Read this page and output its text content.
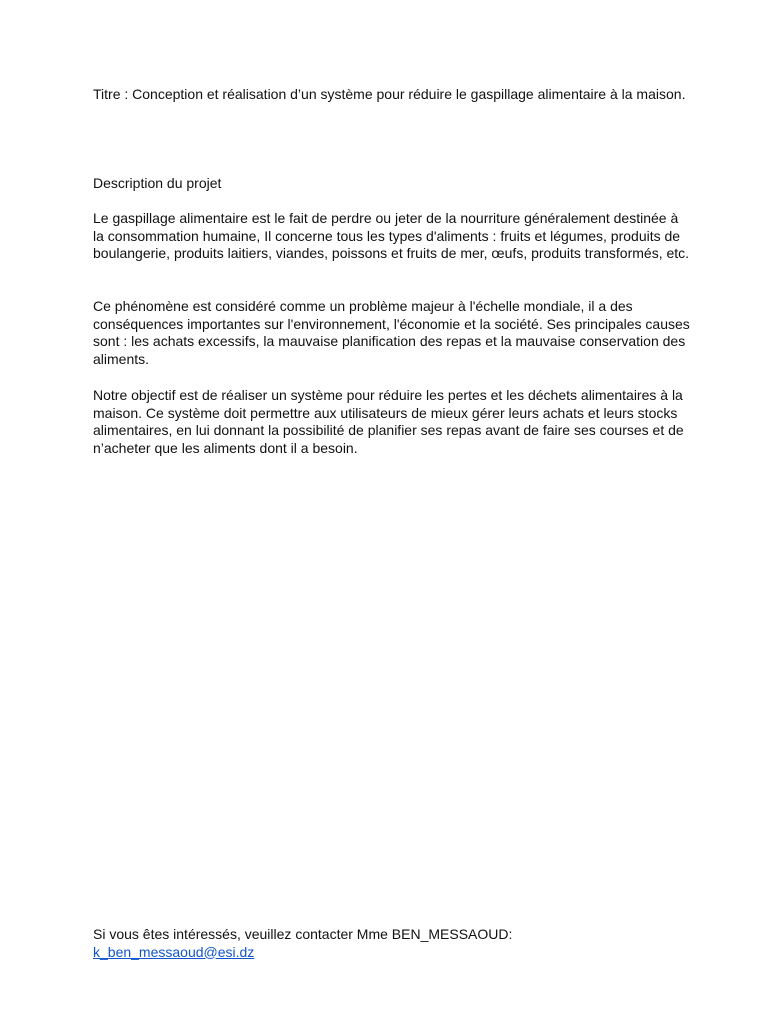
Titre : Conception et réalisation d’un système pour réduire le gaspillage alimentaire à la maison.

Description du projet

Le gaspillage alimentaire est le fait de perdre ou jeter de la nourriture généralement destinée à la consommation humaine, Il concerne tous les types d'aliments : fruits et légumes, produits de boulangerie, produits laitiers, viandes, poissons et fruits de mer, œufs, produits transformés, etc.

Ce phénomène est considéré comme un problème majeur à l'échelle mondiale, il a des conséquences importantes sur l'environnement, l'économie et la société. Ses principales causes sont : les achats excessifs, la mauvaise planification des repas et la mauvaise conservation des aliments.

Notre objectif est de réaliser un système pour réduire les pertes et les déchets alimentaires à la maison. Ce système doit permettre aux utilisateurs de mieux gérer leurs achats et leurs stocks alimentaires, en lui donnant la possibilité de planifier ses repas avant de faire ses courses et de n’acheter que les aliments dont il a besoin.

Si vous êtes intéressés, veuillez contacter Mme BEN_MESSAOUD:
k_ben_messaoud@esi.dz
